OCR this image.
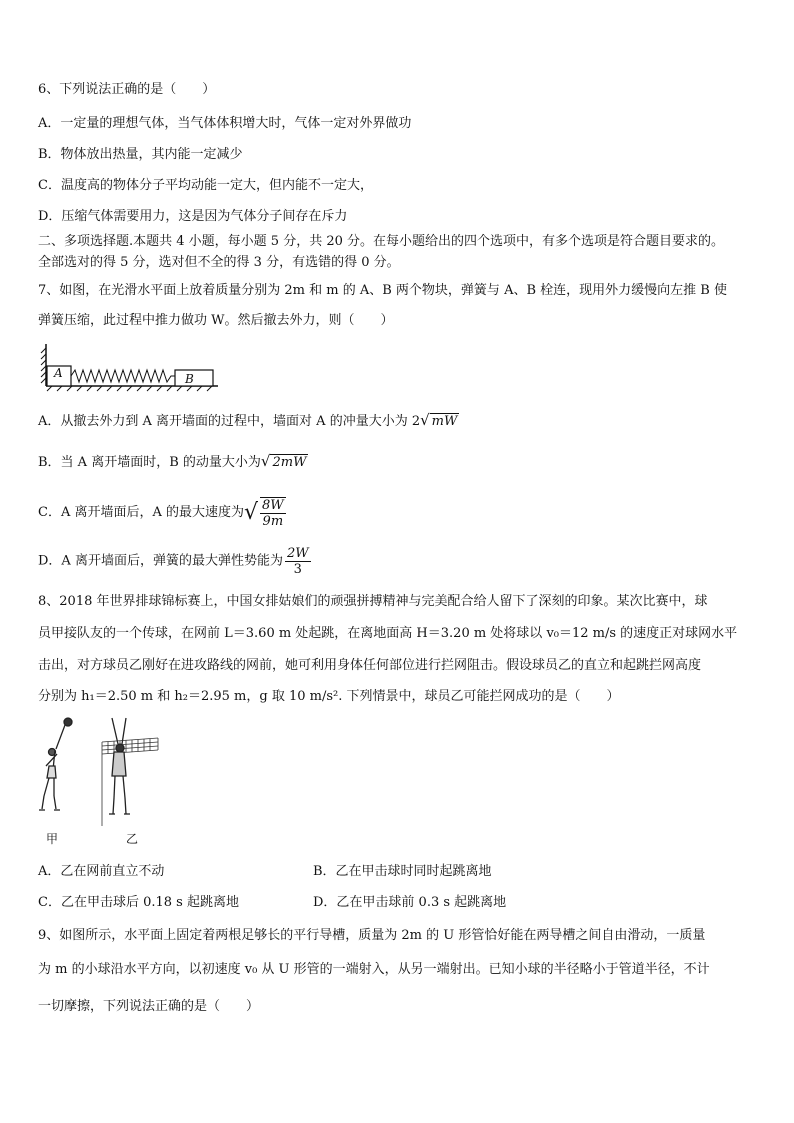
6、下列说法正确的是（　　）
A．一定量的理想气体，当气体体积增大时，气体一定对外界做功
B．物体放出热量，其内能一定减少
C．温度高的物体分子平均动能一定大，但内能不一定大，
D．压缩气体需要用力，这是因为气体分子间存在斥力
二、多项选择题.本题共 4 小题，每小题 5 分，共 20 分。在每小题给出的四个选项中，有多个选项是符合题目要求的。
全部选对的得 5 分，选对但不全的得 3 分，有选错的得 0 分。
7、如图，在光滑水平面上放着质量分别为 2m 和 m 的 A、B 两个物块，弹簧与 A、B 栓连，现用外力缓慢向左推 B 使
弹簧压缩，此过程中推力做功 W。然后撤去外力，则（　　）
A	B
A．从撤去外力到 A 离开墙面的过程中，墙面对 A 的冲量大小为 2√ mW
B．当 A 离开墙面时，B 的动量大小为√ 2mW
C．A 离开墙面后，A 的最大速度为√ $\frac{8W}{9m}$
D．A 离开墙面后，弹簧的最大弹性势能为 $\frac{2W}{3}$
8、2018 年世界排球锦标赛上，中国女排姑娘们的顽强拼搏精神与完美配合给人留下了深刻的印象。某次比赛中，球
员甲接队友的一个传球，在网前 L＝3.60 m 处起跳，在离地面高 H＝3.20 m 处将球以 v₀＝12 m/s 的速度正对球网水平
击出，对方球员乙刚好在进攻路线的网前，她可利用身体任何部位进行拦网阻击。假设球员乙的直立和起跳拦网高度
分别为 h₁＝2.50 m 和 h₂＝2.95 m，g 取 10 m/s². 下列情景中，球员乙可能拦网成功的是（　　）
甲	乙
A．乙在网前直立不动	B．乙在甲击球时同时起跳离地
C．乙在甲击球后 0.18 s 起跳离地	D．乙在甲击球前 0.3 s 起跳离地
9、如图所示，水平面上固定着两根足够长的平行导槽，质量为 2m 的 U 形管恰好能在两导槽之间自由滑动，一质量
为 m 的小球沿水平方向，以初速度 v₀ 从 U 形管的一端射入，从另一端射出。已知小球的半径略小于管道半径，不计
一切摩擦，下列说法正确的是（　　）
